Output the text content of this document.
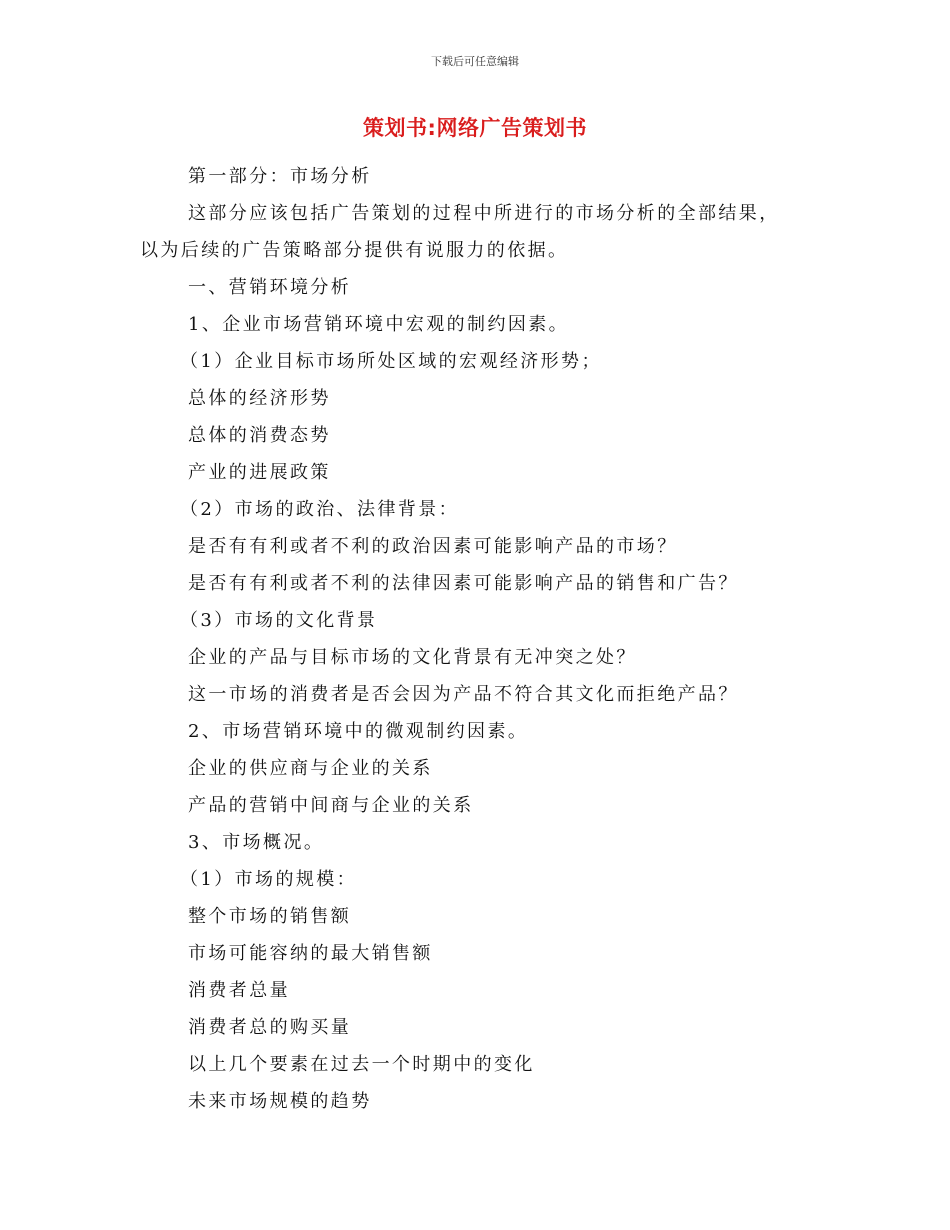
下载后可任意编辑
策划书:网络广告策划书
第一部分：市场分析
这部分应该包括广告策划的过程中所进行的市场分析的全部结果，
以为后续的广告策略部分提供有说服力的依据。
一、营销环境分析
1、企业市场营销环境中宏观的制约因素。
（1）企业目标市场所处区域的宏观经济形势；
总体的经济形势
总体的消费态势
产业的进展政策
（2）市场的政治、法律背景：
是否有有利或者不利的政治因素可能影响产品的市场？
是否有有利或者不利的法律因素可能影响产品的销售和广告？
（3）市场的文化背景
企业的产品与目标市场的文化背景有无冲突之处？
这一市场的消费者是否会因为产品不符合其文化而拒绝产品？
2、市场营销环境中的微观制约因素。
企业的供应商与企业的关系
产品的营销中间商与企业的关系
3、市场概况。
（1）市场的规模：
整个市场的销售额
市场可能容纳的最大销售额
消费者总量
消费者总的购买量
以上几个要素在过去一个时期中的变化
未来市场规模的趋势
